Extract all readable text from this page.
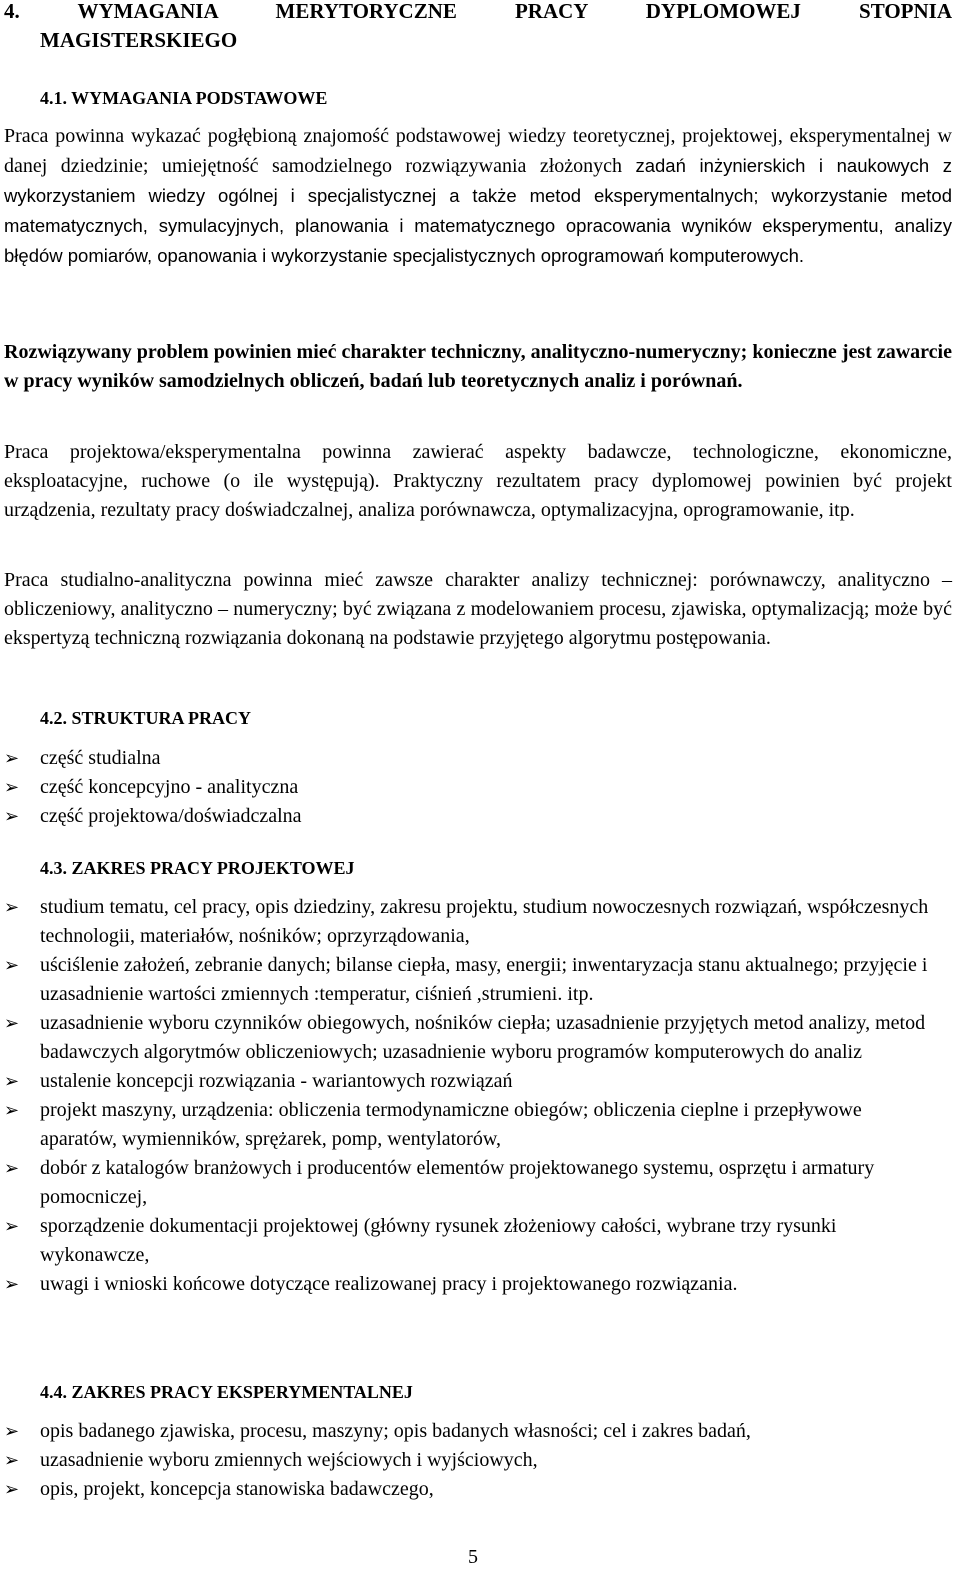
4. WYMAGANIA MERYTORYCZNE PRACY DYPLOMOWEJ STOPNIA
MAGISTERSKIEGO
4.1. WYMAGANIA PODSTAWOWE
Praca powinna wykazać pogłębioną znajomość podstawowej wiedzy teoretycznej, projektowej, eksperymentalnej w danej dziedzinie; umiejętność samodzielnego rozwiązywania złożonych zadań inżynierskich i naukowych z wykorzystaniem wiedzy ogólnej i specjalistycznej a także metod eksperymentalnych; wykorzystanie metod matematycznych, symulacyjnych, planowania i matematycznego opracowania wyników eksperymentu, analizy błędów pomiarów, opanowania i wykorzystanie specjalistycznych oprogramowań komputerowych.
Rozwiązywany problem powinien mieć charakter techniczny, analityczno-numeryczny; konieczne jest zawarcie w pracy wyników samodzielnych obliczeń, badań lub teoretycznych analiz i porównań.
Praca projektowa/eksperymentalna powinna zawierać aspekty badawcze, technologiczne, ekonomiczne, eksploatacyjne, ruchowe (o ile występują). Praktyczny rezultatem pracy dyplomowej powinien być projekt urządzenia, rezultaty pracy doświadczalnej, analiza porównawcza, optymalizacyjna, oprogramowanie, itp.
Praca studialno-analityczna powinna mieć zawsze charakter analizy technicznej: porównawczy, analityczno – obliczeniowy, analityczno – numeryczny; być związana z modelowaniem procesu, zjawiska, optymalizacją; może być ekspertyzą techniczną rozwiązania dokonaną na podstawie przyjętego algorytmu postępowania.
4.2. STRUKTURA PRACY
➢ część studialna
➢ część koncepcyjno - analityczna
➢ część projektowa/doświadczalna
4.3. ZAKRES PRACY PROJEKTOWEJ
➢ studium tematu, cel pracy, opis dziedziny, zakresu projektu, studium nowoczesnych rozwiązań, współczesnych technologii, materiałów, nośników; oprzyrządowania,
➢ uściślenie założeń, zebranie danych; bilanse ciepła, masy, energii; inwentaryzacja stanu aktualnego; przyjęcie i uzasadnienie wartości zmiennych :temperatur, ciśnień ,strumieni. itp.
➢ uzasadnienie wyboru czynników obiegowych, nośników ciepła; uzasadnienie przyjętych metod analizy, metod badawczych algorytmów obliczeniowych; uzasadnienie wyboru programów komputerowych do analiz
➢ ustalenie koncepcji rozwiązania - wariantowych rozwiązań
➢ projekt maszyny, urządzenia: obliczenia termodynamiczne obiegów; obliczenia cieplne i przepływowe aparatów, wymienników, sprężarek, pomp, wentylatorów,
➢ dobór z katalogów branżowych i producentów elementów projektowanego systemu, osprzętu i armatury pomocniczej,
➢ sporządzenie dokumentacji projektowej (główny rysunek złożeniowy całości, wybrane trzy rysunki wykonawcze,
➢ uwagi i wnioski końcowe dotyczące realizowanej pracy i projektowanego rozwiązania.
4.4. ZAKRES PRACY EKSPERYMENTALNEJ
➢ opis badanego zjawiska, procesu, maszyny; opis badanych własności; cel i zakres badań,
➢ uzasadnienie wyboru zmiennych wejściowych i wyjściowych,
➢ opis, projekt, koncepcja stanowiska badawczego,
5
